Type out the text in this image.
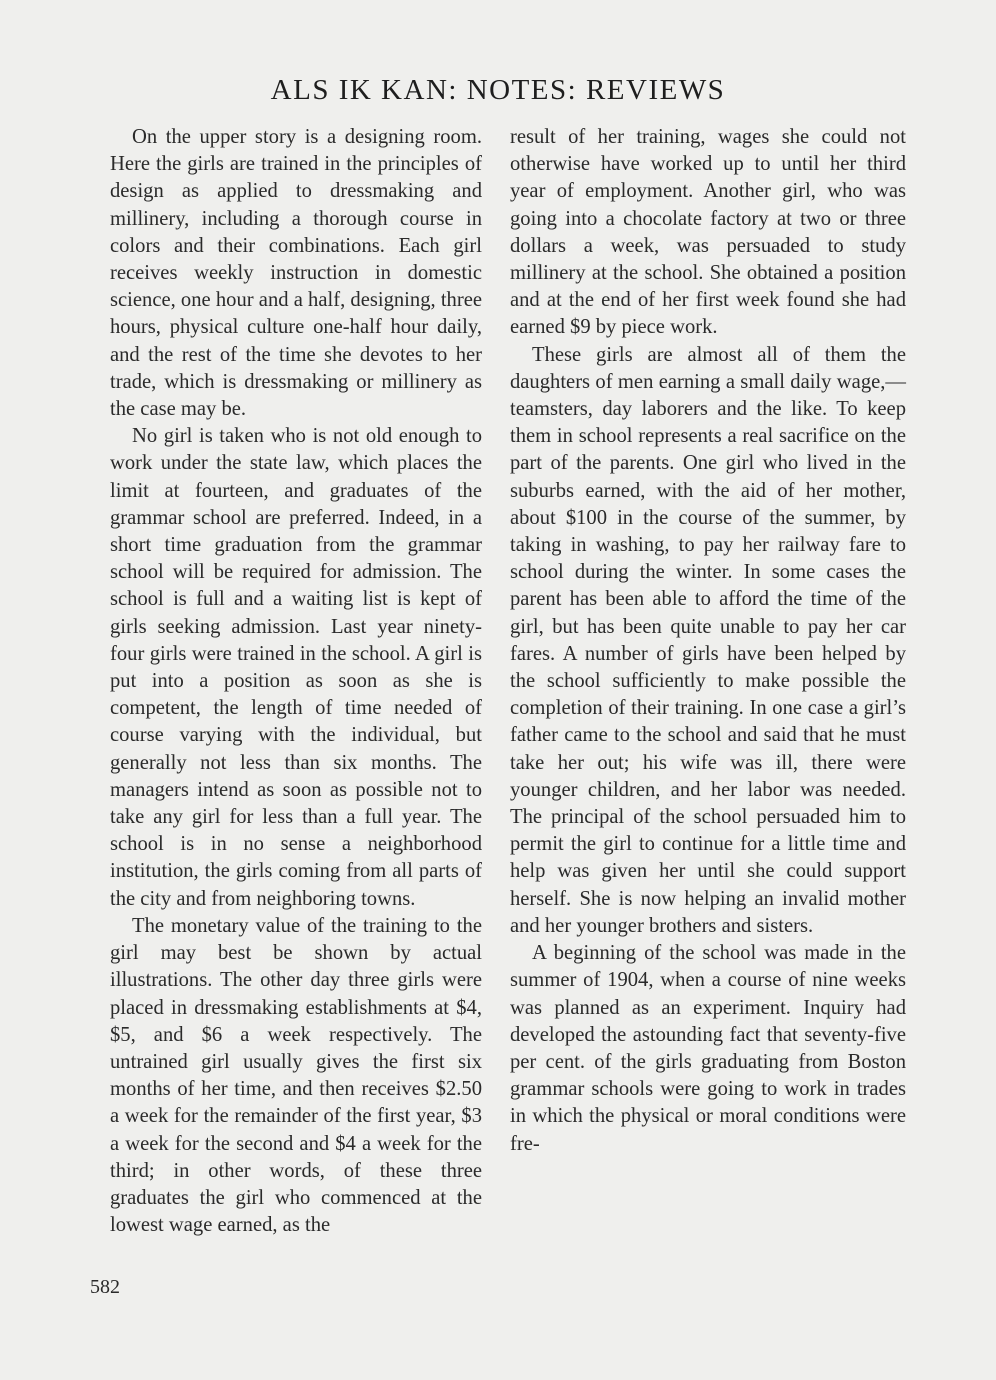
ALS IK KAN: NOTES: REVIEWS

On the upper story is a designing room. Here the girls are trained in the principles of design as applied to dressmaking and millinery, including a thorough course in colors and their combinations. Each girl receives weekly instruction in domestic science, one hour and a half, designing, three hours, physical culture one-half hour daily, and the rest of the time she devotes to her trade, which is dressmaking or millinery as the case may be.

No girl is taken who is not old enough to work under the state law, which places the limit at fourteen, and graduates of the grammar school are preferred. Indeed, in a short time graduation from the grammar school will be required for admission. The school is full and a waiting list is kept of girls seeking admission. Last year ninety-four girls were trained in the school. A girl is put into a position as soon as she is competent, the length of time needed of course varying with the individual, but generally not less than six months. The managers intend as soon as possible not to take any girl for less than a full year. The school is in no sense a neighborhood institution, the girls coming from all parts of the city and from neighboring towns.

The monetary value of the training to the girl may best be shown by actual illustrations. The other day three girls were placed in dressmaking establishments at $4, $5, and $6 a week respectively. The untrained girl usually gives the first six months of her time, and then receives $2.50 a week for the remainder of the first year, $3 a week for the second and $4 a week for the third; in other words, of these three graduates the girl who commenced at the lowest wage earned, as the

result of her training, wages she could not otherwise have worked up to until her third year of employment. Another girl, who was going into a chocolate factory at two or three dollars a week, was persuaded to study millinery at the school. She obtained a position and at the end of her first week found she had earned $9 by piece work.

These girls are almost all of them the daughters of men earning a small daily wage,—teamsters, day laborers and the like. To keep them in school represents a real sacrifice on the part of the parents. One girl who lived in the suburbs earned, with the aid of her mother, about $100 in the course of the summer, by taking in washing, to pay her railway fare to school during the winter. In some cases the parent has been able to afford the time of the girl, but has been quite unable to pay her car fares. A number of girls have been helped by the school sufficiently to make possible the completion of their training. In one case a girl’s father came to the school and said that he must take her out; his wife was ill, there were younger children, and her labor was needed. The principal of the school persuaded him to permit the girl to continue for a little time and help was given her until she could support herself. She is now helping an invalid mother and her younger brothers and sisters.

A beginning of the school was made in the summer of 1904, when a course of nine weeks was planned as an experiment. Inquiry had developed the astounding fact that seventy-five per cent. of the girls graduating from Boston grammar schools were going to work in trades in which the physical or moral conditions were fre-

582
